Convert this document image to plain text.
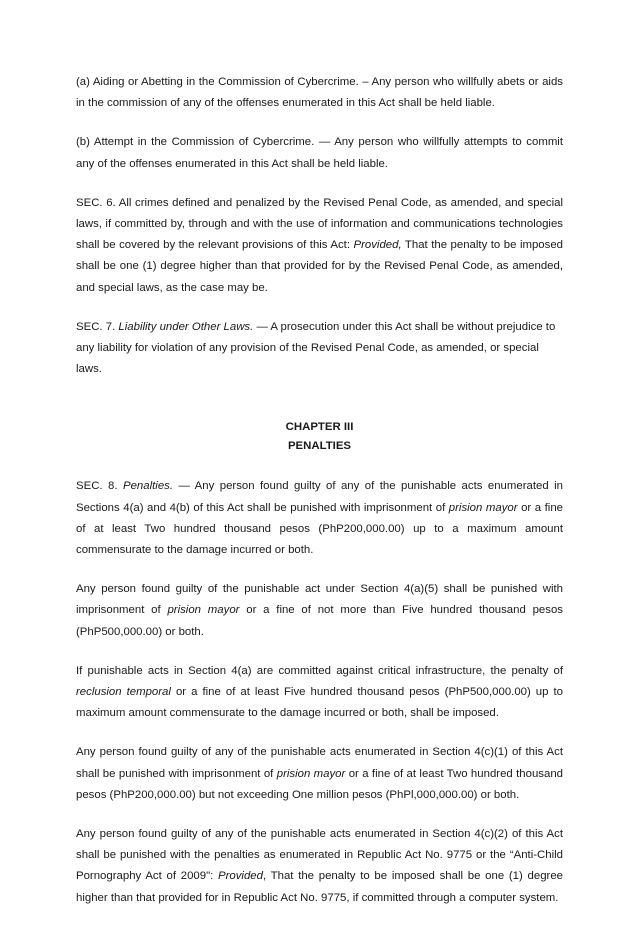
(a) Aiding or Abetting in the Commission of Cybercrime. – Any person who willfully abets or aids in the commission of any of the offenses enumerated in this Act shall be held liable.

(b) Attempt in the Commission of Cybercrime. — Any person who willfully attempts to commit any of the offenses enumerated in this Act shall be held liable.

SEC. 6. All crimes defined and penalized by the Revised Penal Code, as amended, and special laws, if committed by, through and with the use of information and communications technologies shall be covered by the relevant provisions of this Act: Provided, That the penalty to be imposed shall be one (1) degree higher than that provided for by the Revised Penal Code, as amended, and special laws, as the case may be.

SEC. 7. Liability under Other Laws. — A prosecution under this Act shall be without prejudice to any liability for violation of any provision of the Revised Penal Code, as amended, or special laws.

CHAPTER III
PENALTIES

SEC. 8. Penalties. — Any person found guilty of any of the punishable acts enumerated in Sections 4(a) and 4(b) of this Act shall be punished with imprisonment of prision mayor or a fine of at least Two hundred thousand pesos (PhP200,000.00) up to a maximum amount commensurate to the damage incurred or both.

Any person found guilty of the punishable act under Section 4(a)(5) shall be punished with imprisonment of prision mayor or a fine of not more than Five hundred thousand pesos (PhP500,000.00) or both.

If punishable acts in Section 4(a) are committed against critical infrastructure, the penalty of reclusion temporal or a fine of at least Five hundred thousand pesos (PhP500,000.00) up to maximum amount commensurate to the damage incurred or both, shall be imposed.

Any person found guilty of any of the punishable acts enumerated in Section 4(c)(1) of this Act shall be punished with imprisonment of prision mayor or a fine of at least Two hundred thousand pesos (PhP200,000.00) but not exceeding One million pesos (PhPl,000,000.00) or both.

Any person found guilty of any of the punishable acts enumerated in Section 4(c)(2) of this Act shall be punished with the penalties as enumerated in Republic Act No. 9775 or the “Anti-Child Pornography Act of 2009": Provided, That the penalty to be imposed shall be one (1) degree higher than that provided for in Republic Act No. 9775, if committed through a computer system.
